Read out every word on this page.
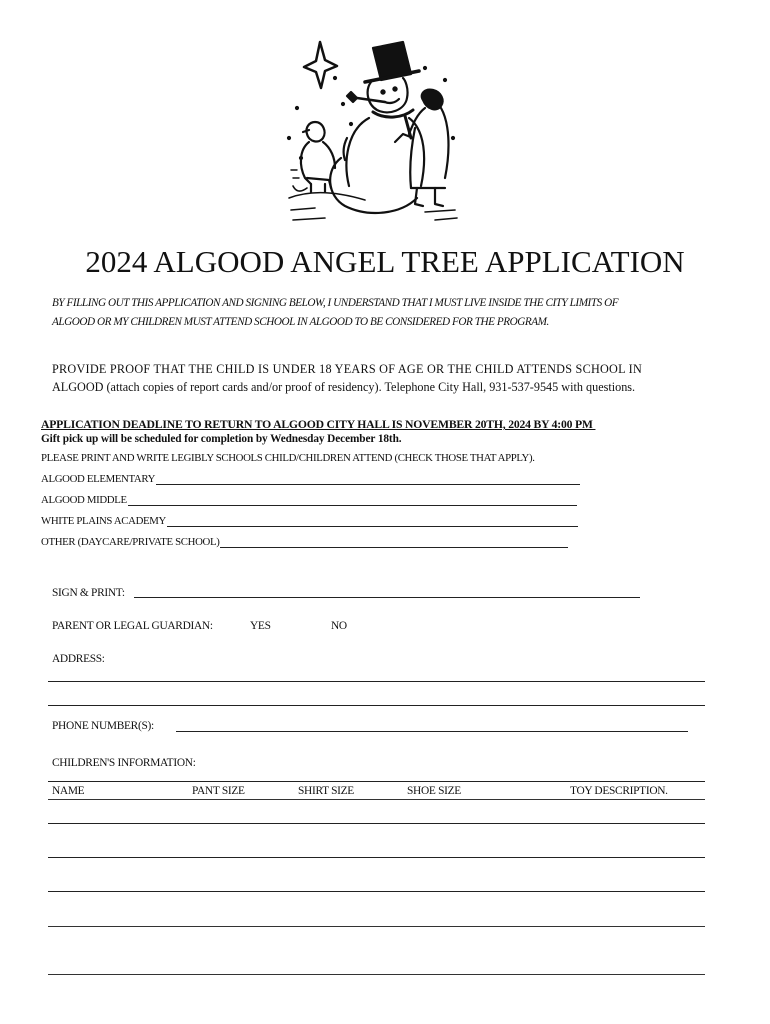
2024 ALGOOD ANGEL TREE APPLICATION
BY FILLING OUT THIS APPLICATION AND SIGNING BELOW, I UNDERSTAND THAT I MUST LIVE INSIDE THE CITY LIMITS OF
ALGOOD OR MY CHILDREN MUST ATTEND SCHOOL IN ALGOOD TO BE CONSIDERED FOR THE PROGRAM.
PROVIDE PROOF THAT THE CHILD IS UNDER 18 YEARS OF AGE OR THE CHILD ATTENDS SCHOOL IN
ALGOOD (attach copies of report cards and/or proof of residency). Telephone City Hall, 931-537-9545 with questions.
APPLICATION DEADLINE TO RETURN TO ALGOOD CITY HALL IS NOVEMBER 20TH, 2024 BY 4:00 PM
Gift pick up will be scheduled for completion by Wednesday December 18th.
PLEASE PRINT AND WRITE LEGIBLY SCHOOLS CHILD/CHILDREN ATTEND (CHECK THOSE THAT APPLY).
ALGOOD ELEMENTARY
ALGOOD MIDDLE
WHITE PLAINS ACADEMY
OTHER (DAYCARE/PRIVATE SCHOOL)
SIGN & PRINT:
PARENT OR LEGAL GUARDIAN:	YES	NO
ADDRESS:
PHONE NUMBER(S):
CHILDREN'S INFORMATION:
NAME	PANT SIZE	SHIRT SIZE	SHOE SIZE	TOY DESCRIPTION.
